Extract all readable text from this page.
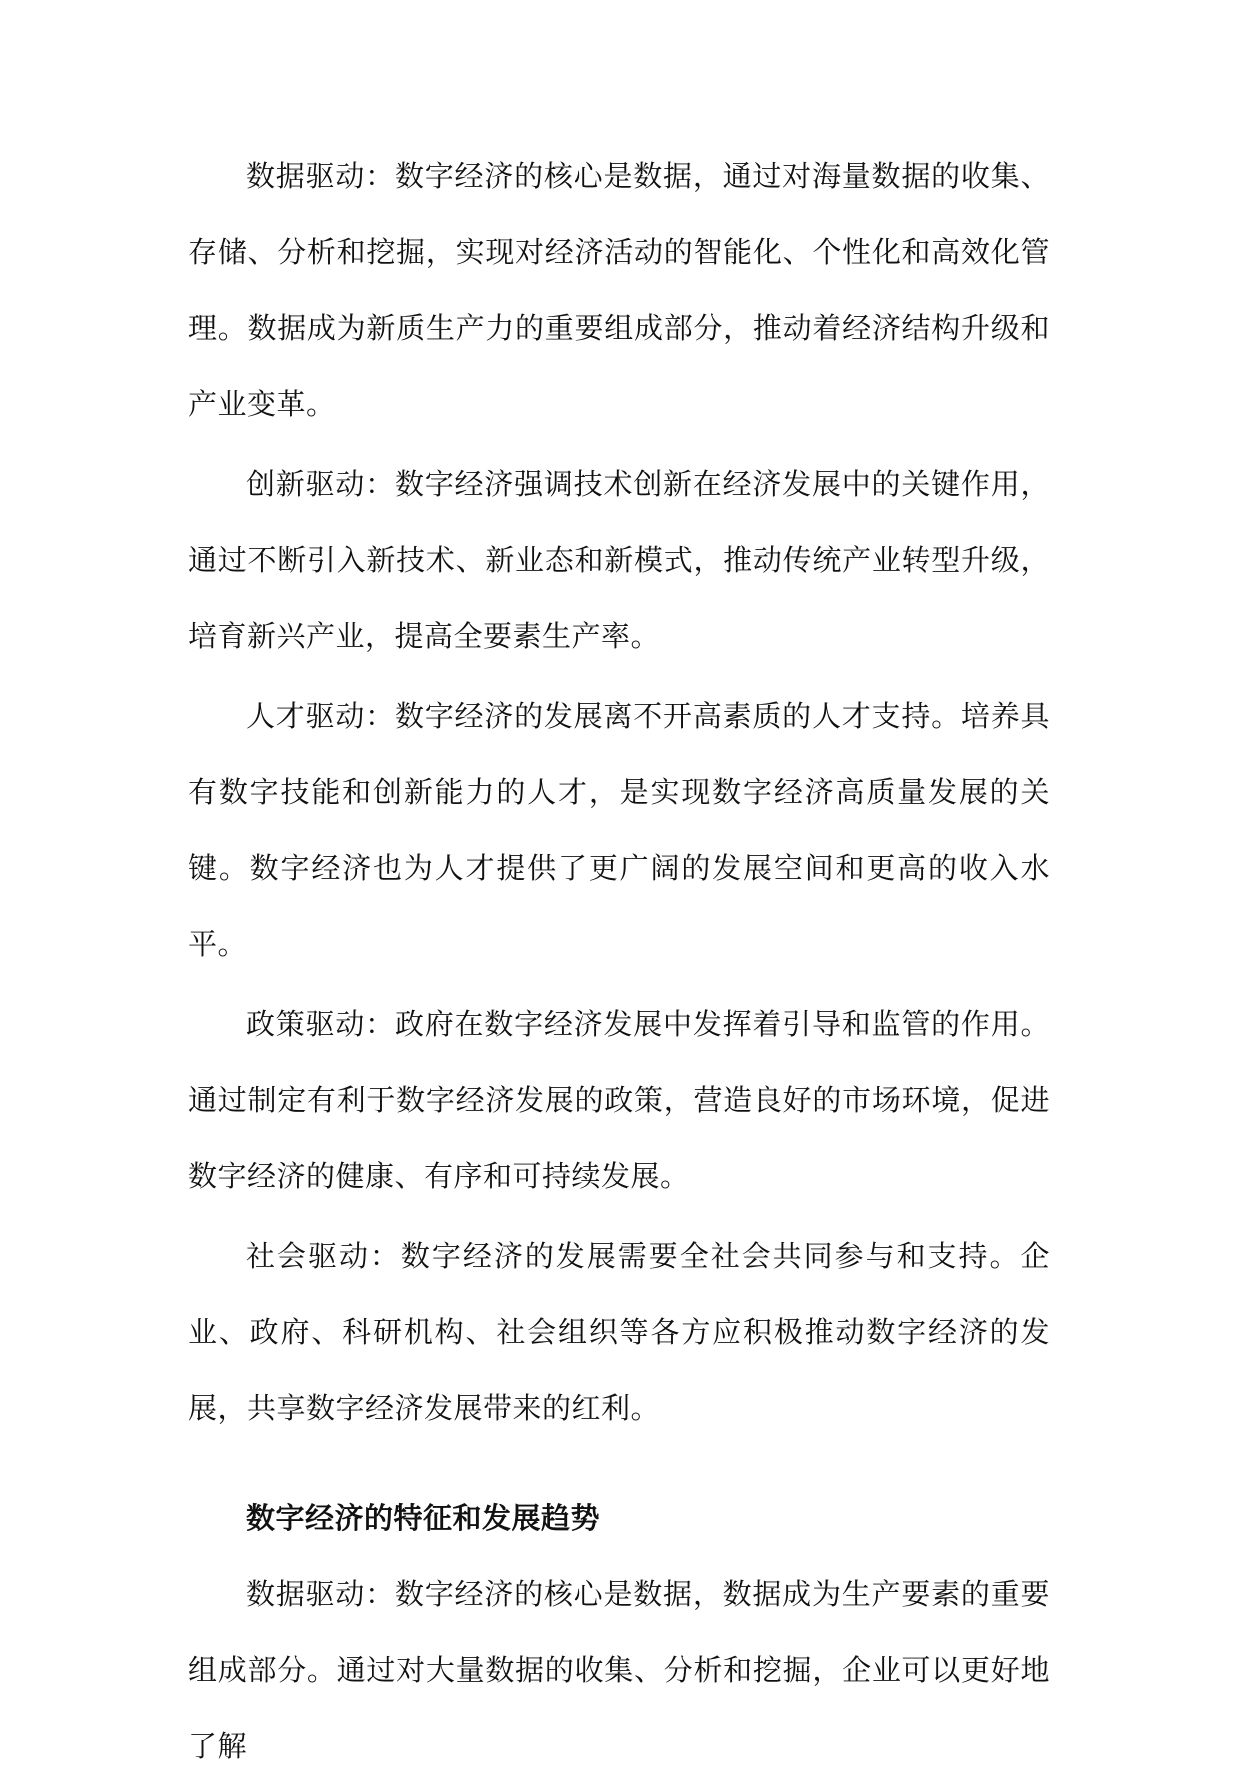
数据驱动：数字经济的核心是数据，通过对海量数据的收集、存储、分析和挖掘，实现对经济活动的智能化、个性化和高效化管理。数据成为新质生产力的重要组成部分，推动着经济结构升级和产业变革。

创新驱动：数字经济强调技术创新在经济发展中的关键作用，通过不断引入新技术、新业态和新模式，推动传统产业转型升级，培育新兴产业，提高全要素生产率。

人才驱动：数字经济的发展离不开高素质的人才支持。培养具有数字技能和创新能力的人才，是实现数字经济高质量发展的关键。数字经济也为人才提供了更广阔的发展空间和更高的收入水平。

政策驱动：政府在数字经济发展中发挥着引导和监管的作用。通过制定有利于数字经济发展的政策，营造良好的市场环境，促进数字经济的健康、有序和可持续发展。

社会驱动：数字经济的发展需要全社会共同参与和支持。企业、政府、科研机构、社会组织等各方应积极推动数字经济的发展，共享数字经济发展带来的红利。

数字经济的特征和发展趋势

数据驱动：数字经济的核心是数据，数据成为生产要素的重要组成部分。通过对大量数据的收集、分析和挖掘，企业可以更好地了解
